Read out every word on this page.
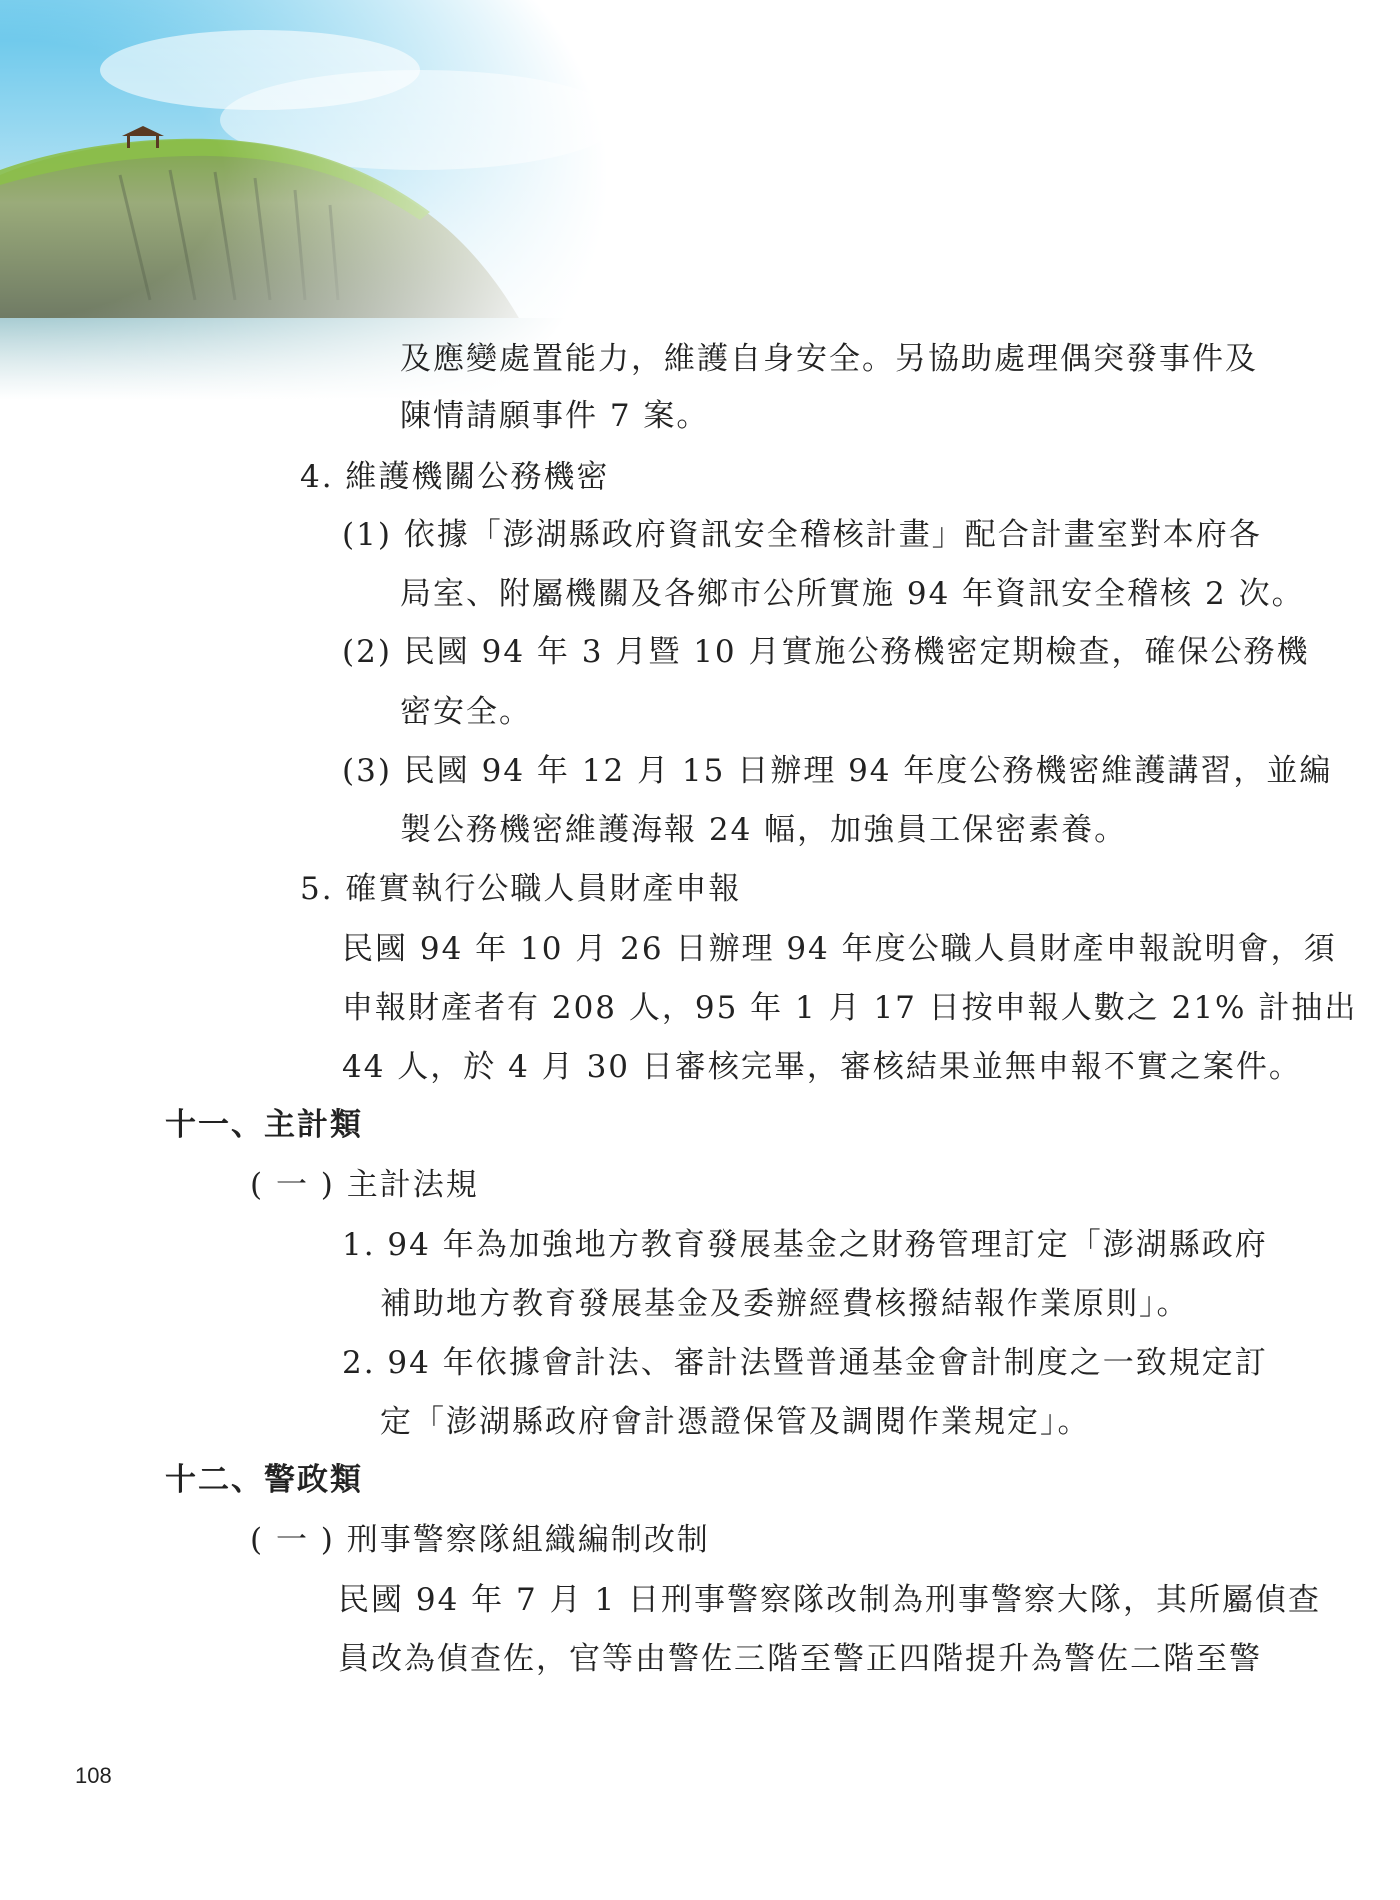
及應變處置能力，維護自身安全。另協助處理偶突發事件及
陳情請願事件 7 案。
4. 維護機關公務機密
(1) 依據「澎湖縣政府資訊安全稽核計畫」配合計畫室對本府各
局室、附屬機關及各鄉市公所實施 94 年資訊安全稽核 2 次。
(2) 民國 94 年 3 月暨 10 月實施公務機密定期檢查，確保公務機
密安全。
(3) 民國 94 年 12 月 15 日辦理 94 年度公務機密維護講習，並編
製公務機密維護海報 24 幅，加強員工保密素養。
5. 確實執行公職人員財產申報
民國 94 年 10 月 26 日辦理 94 年度公職人員財產申報說明會，須
申報財產者有 208 人，95 年 1 月 17 日按申報人數之 21% 計抽出
44 人，於 4 月 30 日審核完畢，審核結果並無申報不實之案件。
十一、主計類
( 一 ) 主計法規
1. 94 年為加強地方教育發展基金之財務管理訂定「澎湖縣政府
補助地方教育發展基金及委辦經費核撥結報作業原則」。
2. 94 年依據會計法、審計法暨普通基金會計制度之一致規定訂
定「澎湖縣政府會計憑證保管及調閱作業規定」。
十二、警政類
( 一 ) 刑事警察隊組織編制改制
民國 94 年 7 月 1 日刑事警察隊改制為刑事警察大隊，其所屬偵查
員改為偵查佐，官等由警佐三階至警正四階提升為警佐二階至警
108
